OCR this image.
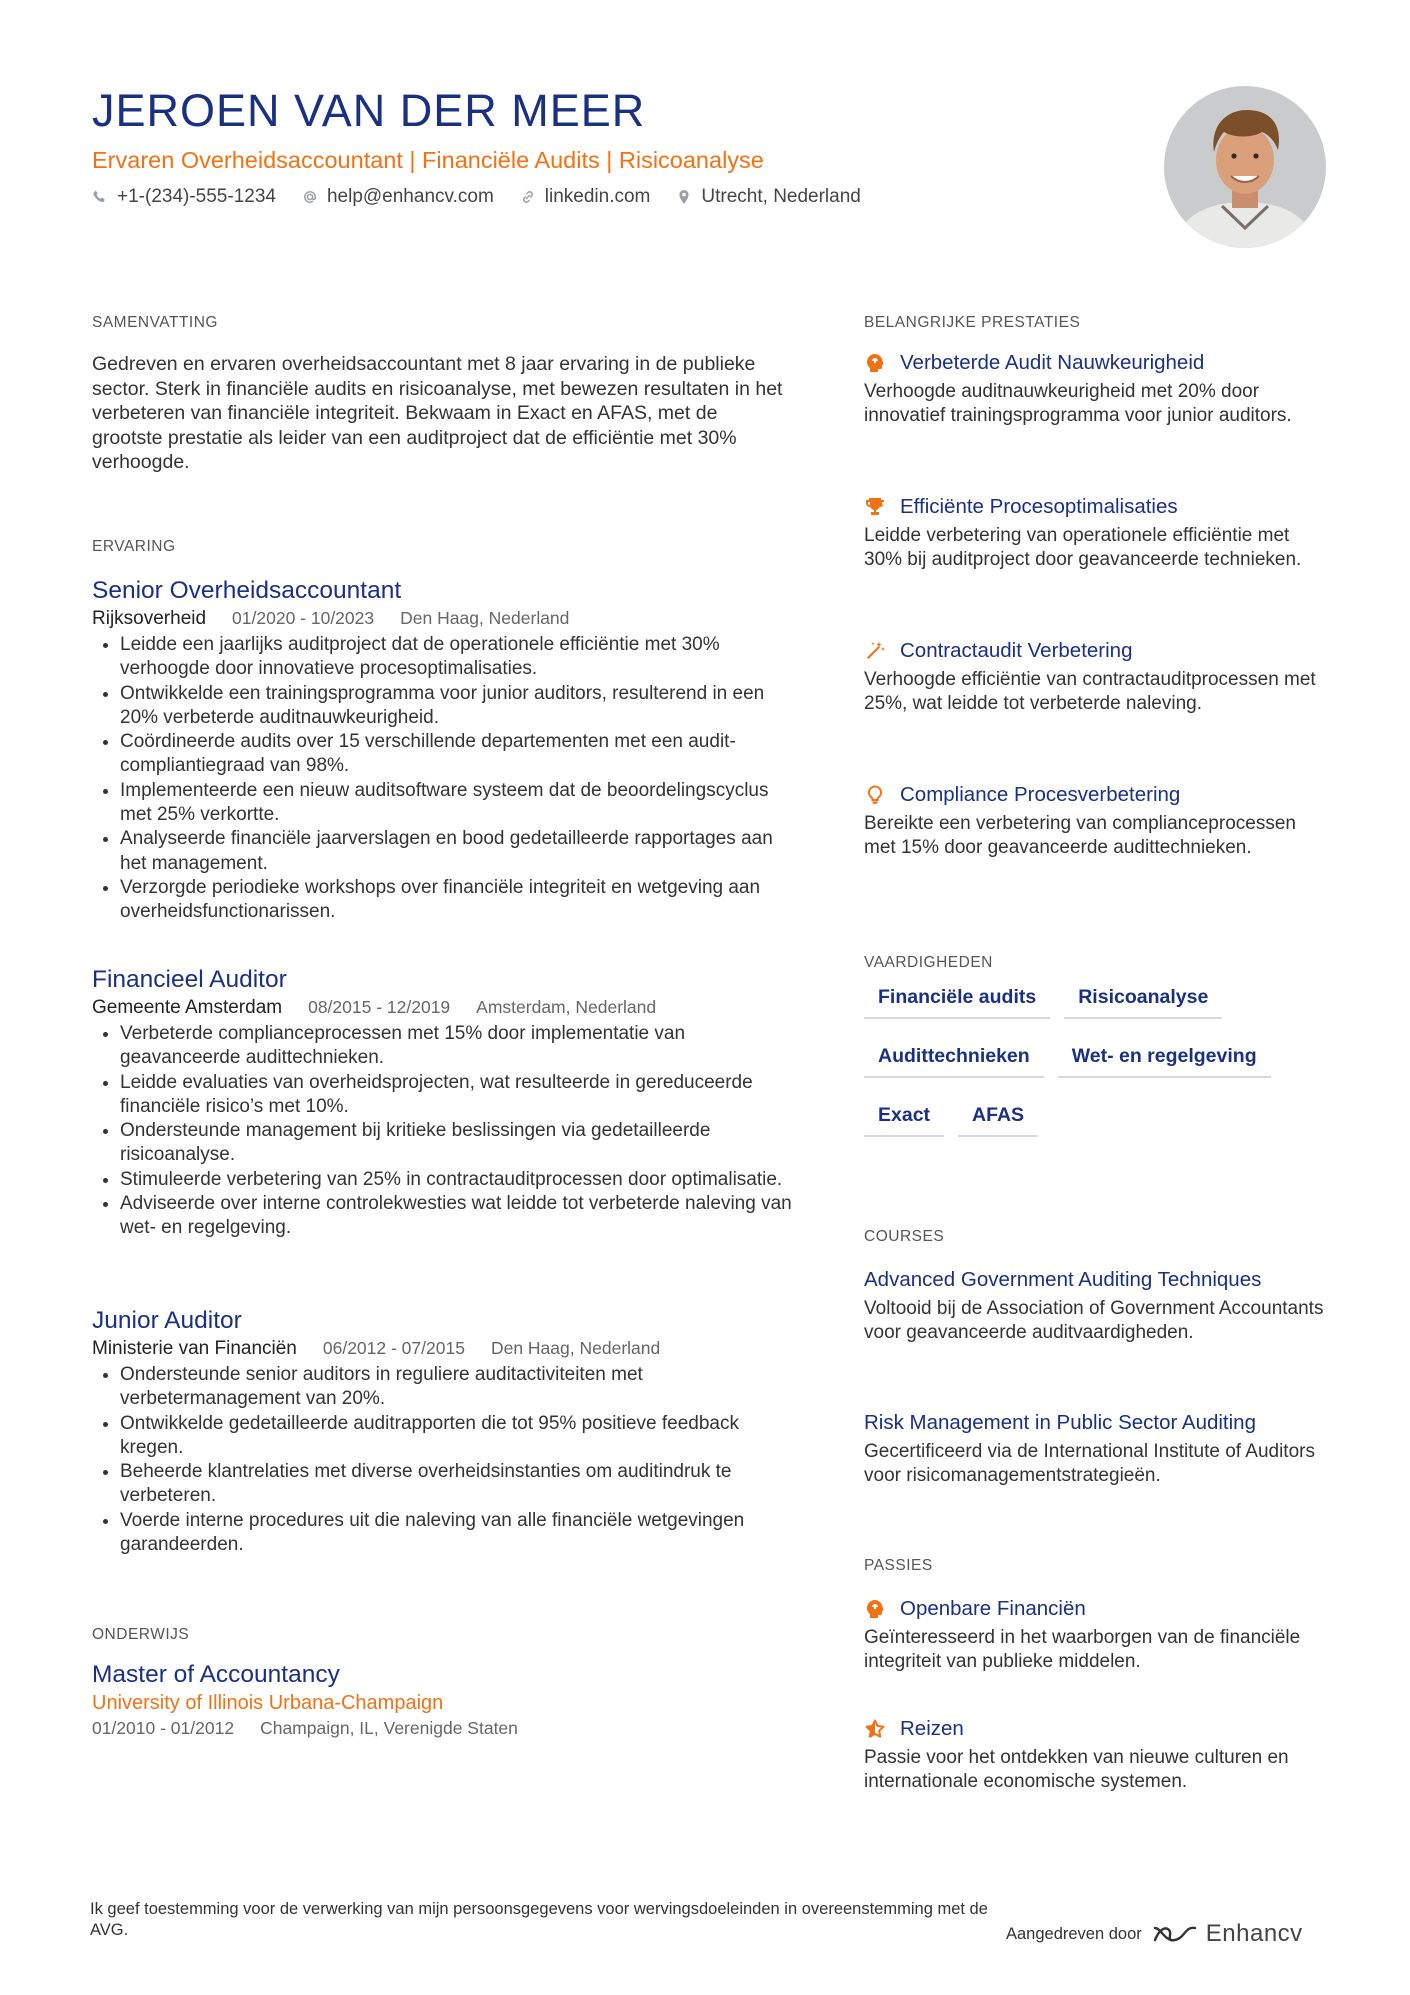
JEROEN VAN DER MEER
Ervaren Overheidsaccountant | Financiële Audits | Risicoanalyse
+1-(234)-555-1234	help@enhancv.com	linkedin.com	Utrecht, Nederland
SAMENVATTING

Gedreven en ervaren overheidsaccountant met 8 jaar ervaring in de publieke sector. Sterk in financiële audits en risicoanalyse, met bewezen resultaten in het verbeteren van financiële integriteit. Bekwaam in Exact en AFAS, met de grootste prestatie als leider van een auditproject dat de efficiëntie met 30% verhoogde.

ERVARING
Senior Overheidsaccountant
Rijksoverheid 01/2020 - 10/2023 Den Haag, Nederland
• Leidde een jaarlijks auditproject dat de operationele efficiëntie met 30% verhoogde door innovatieve procesoptimalisaties.
• Ontwikkelde een trainingsprogramma voor junior auditors, resulterend in een 20% verbeterde auditnauwkeurigheid.
• Coördineerde audits over 15 verschillende departementen met een audit-compliantiegraad van 98%.
• Implementeerde een nieuw auditsoftware systeem dat de beoordelingscyclus met 25% verkortte.
• Analyseerde financiële jaarverslagen en bood gedetailleerde rapportages aan het management.
• Verzorgde periodieke workshops over financiële integriteit en wetgeving aan overheidsfunctionarissen.
Financieel Auditor
Gemeente Amsterdam 08/2015 - 12/2019 Amsterdam, Nederland
• Verbeterde complianceprocessen met 15% door implementatie van geavanceerde audittechnieken.
• Leidde evaluaties van overheidsprojecten, wat resulteerde in gereduceerde financiële risico’s met 10%.
• Ondersteunde management bij kritieke beslissingen via gedetailleerde risicoanalyse.
• Stimuleerde verbetering van 25% in contractauditprocessen door optimalisatie.
• Adviseerde over interne controlekwesties wat leidde tot verbeterde naleving van wet- en regelgeving.
Junior Auditor
Ministerie van Financiën 06/2012 - 07/2015 Den Haag, Nederland
• Ondersteunde senior auditors in reguliere auditactiviteiten met verbetermanagement van 20%.
• Ontwikkelde gedetailleerde auditrapporten die tot 95% positieve feedback kregen.
• Beheerde klantrelaties met diverse overheidsinstanties om auditindruk te verbeteren.
• Voerde interne procedures uit die naleving van alle financiële wetgevingen garandeerden.
ONDERWIJS
Master of Accountancy
University of Illinois Urbana-Champaign
01/2010 - 01/2012 Champaign, IL, Verenigde Staten
BELANGRIJKE PRESTATIES
Verbeterde Audit Nauwkeurigheid
Verhoogde auditnauwkeurigheid met 20% door innovatief trainingsprogramma voor junior auditors.
Efficiënte Procesoptimalisaties
Leidde verbetering van operationele efficiëntie met 30% bij auditproject door geavanceerde technieken.
Contractaudit Verbetering
Verhoogde efficiëntie van contractauditprocessen met 25%, wat leidde tot verbeterde naleving.
Compliance Procesverbetering
Bereikte een verbetering van complianceprocessen met 15% door geavanceerde audittechnieken.
VAARDIGHEDEN
Financiële audits	Risicoanalyse
Audittechnieken	Wet- en regelgeving
Exact	AFAS
COURSES
Advanced Government Auditing Techniques
Voltooid bij de Association of Government Accountants voor geavanceerde auditvaardigheden.
Risk Management in Public Sector Auditing
Gecertificeerd via de International Institute of Auditors voor risicomanagementstrategieën.
PASSIES
Openbare Financiën
Geïnteresseerd in het waarborgen van de financiële integriteit van publieke middelen.
Reizen
Passie voor het ontdekken van nieuwe culturen en internationale economische systemen.
Ik geef toestemming voor de verwerking van mijn persoonsgegevens voor wervingsdoeleinden in overeenstemming met de AVG.	Aangedreven door	Enhancv
